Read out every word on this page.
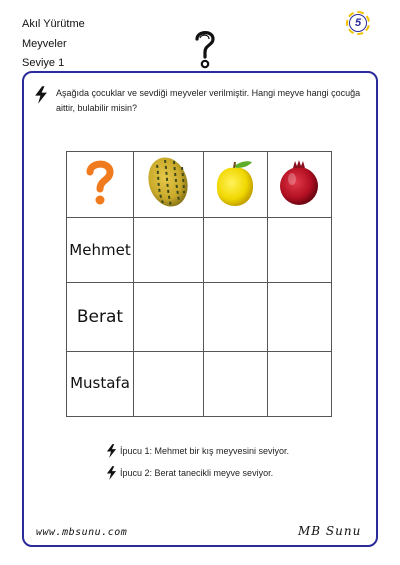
Akıl Yürütme
Meyveler
Seviye 1
5
Aşağıda çocuklar ve sevdiği meyveler verilmiştir. Hangi meyve hangi çocuğa aittir, bulabilir misin?

Mehmet			
Berat			
Mustafa			
İpucu 1: Mehmet bir kış meyvesini seviyor.
İpucu 2: Berat tanecikli meyve seviyor.
www.mbsunu.com	MB Sunu
